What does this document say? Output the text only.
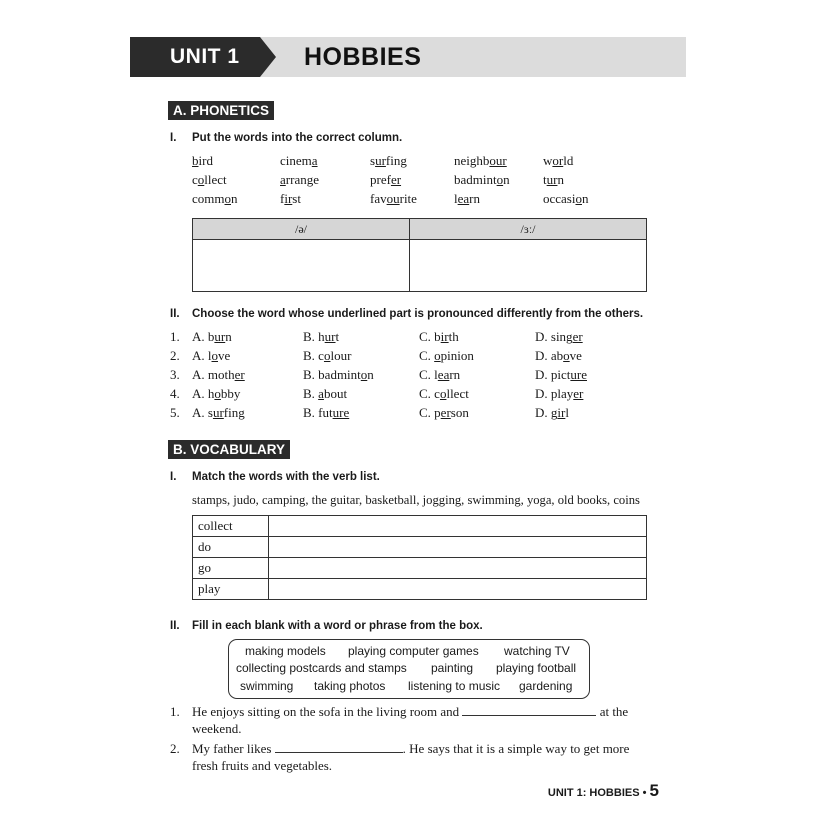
UNIT 1	HOBBIES
A. PHONETICS
I. Put the words into the correct column.
bird	cinema	surfing	neighbour	world
collect	arrange	prefer	badminton	turn
common	first	favourite	learn	occasion
/ə/	/ɜː/

II. Choose the word whose underlined part is pronounced differently from the others.
1. A. burn	B. hurt	C. birth	D. singer
2. A. love	B. colour	C. opinion	D. above
3. A. mother	B. badminton	C. learn	D. picture
4. A. hobby	B. about	C. collect	D. player
5. A. surfing	B. future	C. person	D. girl
B. VOCABULARY
I. Match the words with the verb list.
stamps, judo, camping, the guitar, basketball, jogging, swimming, yoga, old books, coins
collect	
do	
go	
play	
II. Fill in each blank with a word or phrase from the box.
making models playing computer games watching TV
collecting postcards and stamps painting playing football
swimming taking photos listening to music gardening
1. He enjoys sitting on the sofa in the living room and	at the
weekend.
2. My father likes	. He says that it is a simple way to get more
fresh fruits and vegetables.
UNIT 1: HOBBIES • 5
